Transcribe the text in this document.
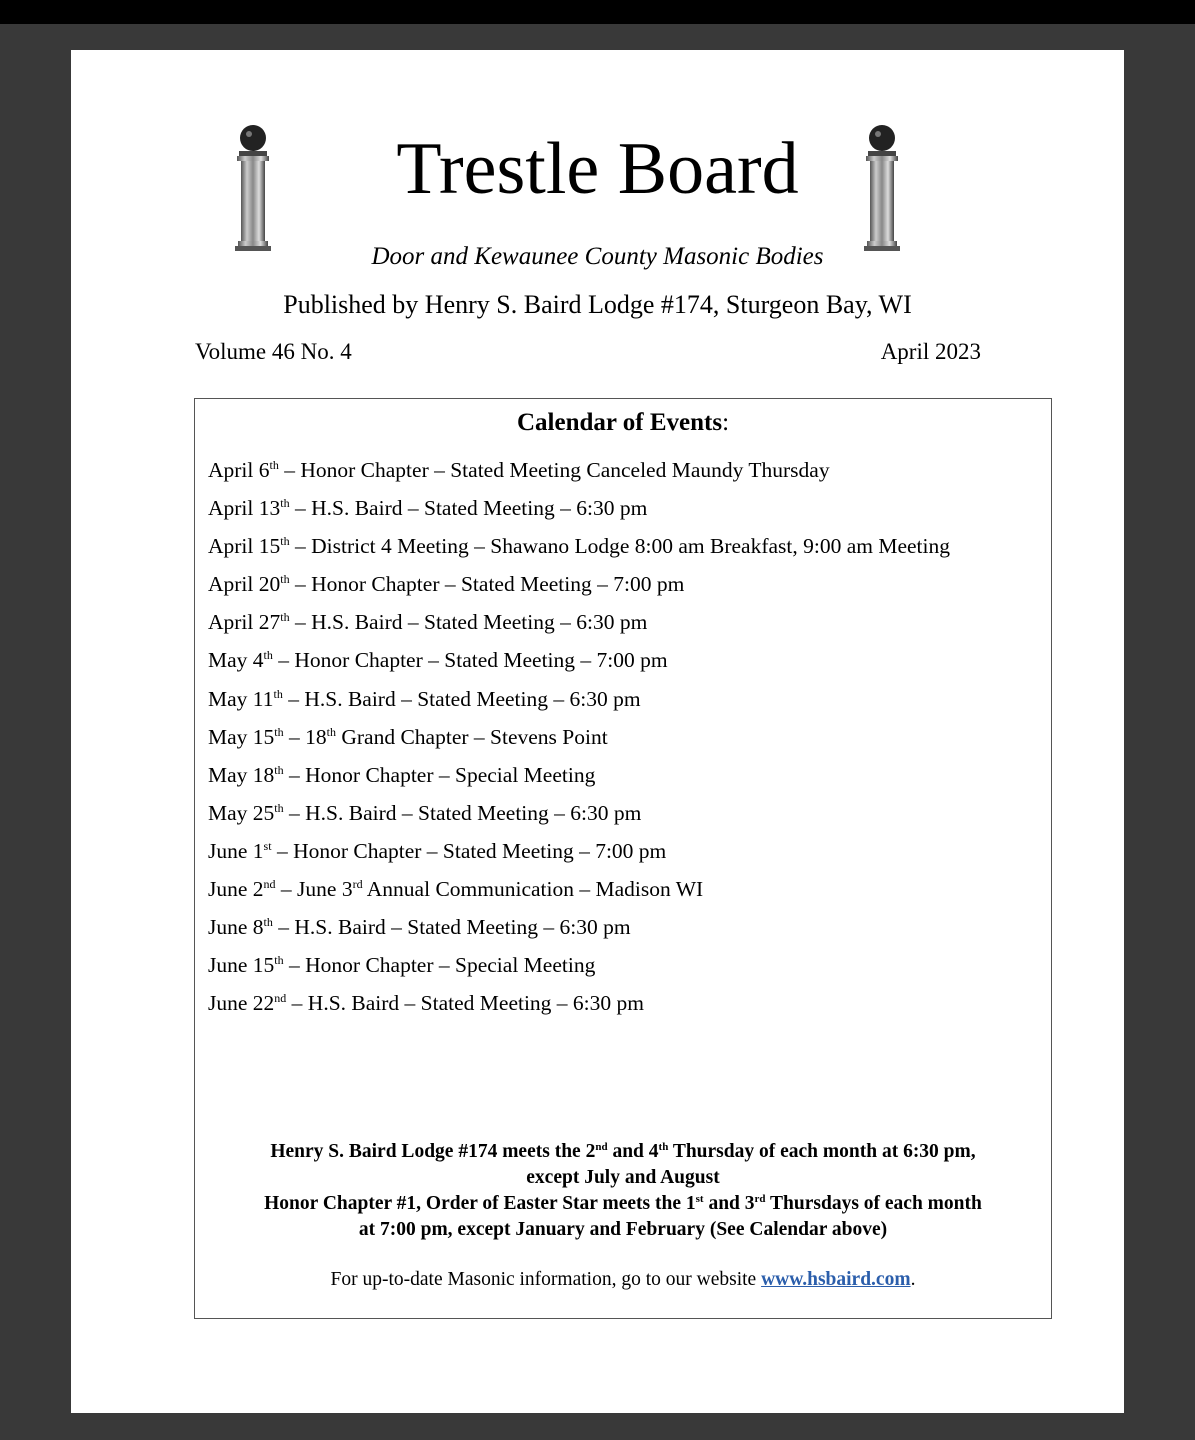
Trestle Board
Door and Kewaunee County Masonic Bodies
Published by Henry S. Baird Lodge #174, Sturgeon Bay, WI
Volume 46 No. 4	April 2023
Calendar of Events:
April 6th – Honor Chapter – Stated Meeting Canceled Maundy Thursday
April 13th – H.S. Baird – Stated Meeting – 6:30 pm
April 15th – District 4 Meeting – Shawano Lodge 8:00 am Breakfast, 9:00 am Meeting
April 20th – Honor Chapter – Stated Meeting – 7:00 pm
April 27th – H.S. Baird – Stated Meeting – 6:30 pm
May 4th – Honor Chapter – Stated Meeting – 7:00 pm
May 11th – H.S. Baird – Stated Meeting – 6:30 pm
May 15th – 18th Grand Chapter – Stevens Point
May 18th – Honor Chapter – Special Meeting
May 25th – H.S. Baird – Stated Meeting – 6:30 pm
June 1st – Honor Chapter – Stated Meeting – 7:00 pm
June 2nd – June 3rd Annual Communication – Madison WI
June 8th – H.S. Baird – Stated Meeting – 6:30 pm
June 15th – Honor Chapter – Special Meeting
June 22nd – H.S. Baird – Stated Meeting – 6:30 pm
Henry S. Baird Lodge #174 meets the 2nd and 4th Thursday of each month at 6:30 pm,
except July and August
Honor Chapter #1, Order of Easter Star meets the 1st and 3rd Thursdays of each month
at 7:00 pm, except January and February (See Calendar above)
For up-to-date Masonic information, go to our website www.hsbaird.com.
